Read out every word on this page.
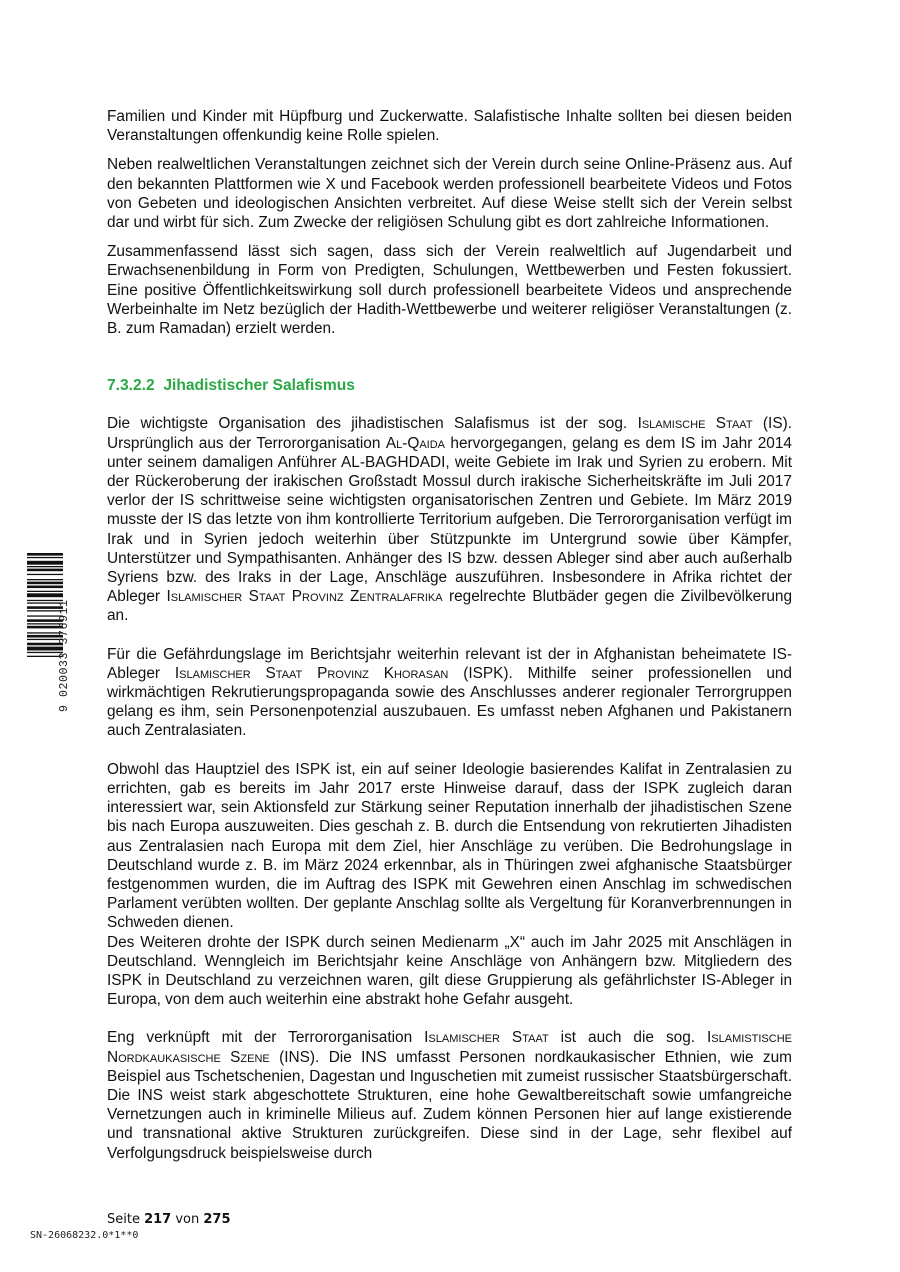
Familien und Kinder mit Hüpfburg und Zuckerwatte. Salafistische Inhalte sollten bei diesen beiden Veranstaltungen offenkundig keine Rolle spielen.

Neben realweltlichen Veranstaltungen zeichnet sich der Verein durch seine Online-Präsenz aus. Auf den bekannten Plattformen wie X und Facebook werden professionell bearbeitete Videos und Fotos von Gebeten und ideologischen Ansichten verbreitet. Auf diese Weise stellt sich der Verein selbst dar und wirbt für sich. Zum Zwecke der religiösen Schulung gibt es dort zahlreiche Informationen.

Zusammenfassend lässt sich sagen, dass sich der Verein realweltlich auf Jugendarbeit und Erwachsenenbildung in Form von Predigten, Schulungen, Wettbewerben und Festen fokussiert. Eine positive Öffentlichkeitswirkung soll durch professionell bearbeitete Videos und ansprechende Werbeinhalte im Netz bezüglich der Hadith-Wettbewerbe und weiterer religiöser Veranstaltungen (z. B. zum Ramadan) erzielt werden.

7.3.2.2 Jihadistischer Salafismus

Die wichtigste Organisation des jihadistischen Salafismus ist der sog. Islamische Staat (IS). Ursprünglich aus der Terrororganisation Al-Qaida hervorgegangen, gelang es dem IS im Jahr 2014 unter seinem damaligen Anführer AL-BAGHDADI, weite Gebiete im Irak und Syrien zu erobern. Mit der Rückeroberung der irakischen Großstadt Mossul durch irakische Sicherheitskräfte im Juli 2017 verlor der IS schrittweise seine wichtigsten organisatorischen Zentren und Gebiete. Im März 2019 musste der IS das letzte von ihm kontrollierte Territorium aufgeben. Die Terrororganisation verfügt im Irak und in Syrien jedoch weiterhin über Stützpunkte im Untergrund sowie über Kämpfer, Unterstützer und Sympathisanten. Anhänger des IS bzw. dessen Ableger sind aber auch außerhalb Syriens bzw. des Iraks in der Lage, Anschläge auszuführen. Insbesondere in Afrika richtet der Ableger Islamischer Staat Provinz Zentralafrika regelrechte Blutbäder gegen die Zivilbevölkerung an.

Für die Gefährdungslage im Berichtsjahr weiterhin relevant ist der in Afghanistan beheimatete IS-Ableger Islamischer Staat Provinz Khorasan (ISPK). Mithilfe seiner professionellen und wirkmächtigen Rekrutierungspropaganda sowie des Anschlusses anderer regionaler Terrorgruppen gelang es ihm, sein Personenpotenzial auszubauen. Es umfasst neben Afghanen und Pakistanern auch Zentralasiaten.

Obwohl das Hauptziel des ISPK ist, ein auf seiner Ideologie basierendes Kalifat in Zentralasien zu errichten, gab es bereits im Jahr 2017 erste Hinweise darauf, dass der ISPK zugleich daran interessiert war, sein Aktionsfeld zur Stärkung seiner Reputation innerhalb der jihadistischen Szene bis nach Europa auszuweiten. Dies geschah z. B. durch die Entsendung von rekrutierten Jihadisten aus Zentralasien nach Europa mit dem Ziel, hier Anschläge zu verüben. Die Bedrohungslage in Deutschland wurde z. B. im März 2024 erkennbar, als in Thüringen zwei afghanische Staatsbürger festgenommen wurden, die im Auftrag des ISPK mit Gewehren einen Anschlag im schwedischen Parlament verübten wollten. Der geplante Anschlag sollte als Vergeltung für Koranverbrennungen in Schweden dienen.

Des Weiteren drohte der ISPK durch seinen Medienarm „X“ auch im Jahr 2025 mit Anschlägen in Deutschland. Wenngleich im Berichtsjahr keine Anschläge von Anhängern bzw. Mitgliedern des ISPK in Deutschland zu verzeichnen waren, gilt diese Gruppierung als gefährlichster IS-Ableger in Europa, von dem auch weiterhin eine abstrakt hohe Gefahr ausgeht.

Eng verknüpft mit der Terrororganisation Islamischer Staat ist auch die sog. Islamistische Nordkaukasische Szene (INS). Die INS umfasst Personen nordkaukasischer Ethnien, wie zum Beispiel aus Tschetschenien, Dagestan und Inguschetien mit zumeist russischer Staatsbürgerschaft. Die INS weist stark abgeschottete Strukturen, eine hohe Gewaltbereitschaft sowie umfangreiche Vernetzungen auch in kriminelle Milieus auf. Zudem können Personen hier auf lange existierende und transnational aktive Strukturen zurückgreifen. Diese sind in der Lage, sehr flexibel auf Verfolgungsdruck beispielsweise durch

9 020033 376911
Seite 217 von 275
SN-26068232.0*1**0
